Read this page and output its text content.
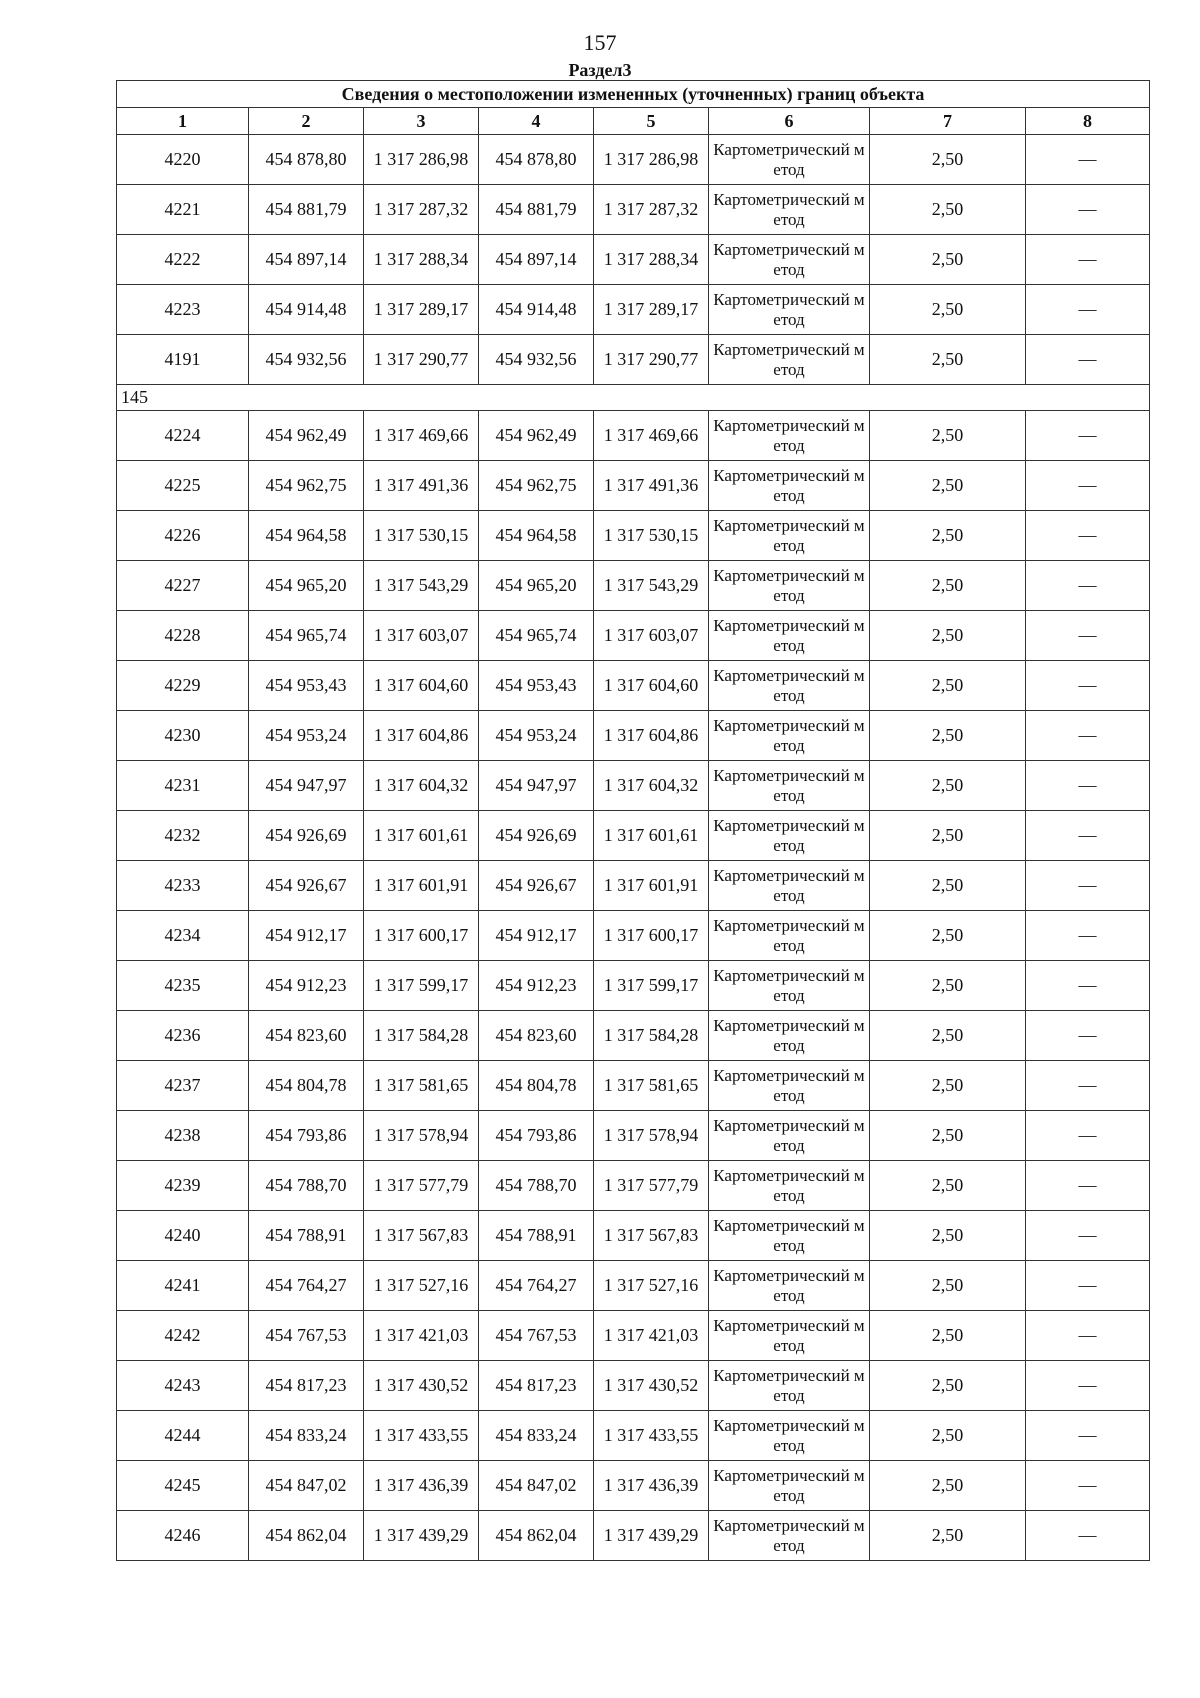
157
Раздел3
Сведения о местоположении измененных (уточненных) границ объекта							
1	2	3	4	5	6	7	8
4220	454 878,80	1 317 286,98	454 878,80	1 317 286,98	Картометрический метод	2,50	—
4221	454 881,79	1 317 287,32	454 881,79	1 317 287,32	Картометрический метод	2,50	—
4222	454 897,14	1 317 288,34	454 897,14	1 317 288,34	Картометрический метод	2,50	—
4223	454 914,48	1 317 289,17	454 914,48	1 317 289,17	Картометрический метод	2,50	—
4191	454 932,56	1 317 290,77	454 932,56	1 317 290,77	Картометрический метод	2,50	—
145							
4224	454 962,49	1 317 469,66	454 962,49	1 317 469,66	Картометрический метод	2,50	—
4225	454 962,75	1 317 491,36	454 962,75	1 317 491,36	Картометрический метод	2,50	—
4226	454 964,58	1 317 530,15	454 964,58	1 317 530,15	Картометрический метод	2,50	—
4227	454 965,20	1 317 543,29	454 965,20	1 317 543,29	Картометрический метод	2,50	—
4228	454 965,74	1 317 603,07	454 965,74	1 317 603,07	Картометрический метод	2,50	—
4229	454 953,43	1 317 604,60	454 953,43	1 317 604,60	Картометрический метод	2,50	—
4230	454 953,24	1 317 604,86	454 953,24	1 317 604,86	Картометрический метод	2,50	—
4231	454 947,97	1 317 604,32	454 947,97	1 317 604,32	Картометрический метод	2,50	—
4232	454 926,69	1 317 601,61	454 926,69	1 317 601,61	Картометрический метод	2,50	—
4233	454 926,67	1 317 601,91	454 926,67	1 317 601,91	Картометрический метод	2,50	—
4234	454 912,17	1 317 600,17	454 912,17	1 317 600,17	Картометрический метод	2,50	—
4235	454 912,23	1 317 599,17	454 912,23	1 317 599,17	Картометрический метод	2,50	—
4236	454 823,60	1 317 584,28	454 823,60	1 317 584,28	Картометрический метод	2,50	—
4237	454 804,78	1 317 581,65	454 804,78	1 317 581,65	Картометрический метод	2,50	—
4238	454 793,86	1 317 578,94	454 793,86	1 317 578,94	Картометрический метод	2,50	—
4239	454 788,70	1 317 577,79	454 788,70	1 317 577,79	Картометрический метод	2,50	—
4240	454 788,91	1 317 567,83	454 788,91	1 317 567,83	Картометрический метод	2,50	—
4241	454 764,27	1 317 527,16	454 764,27	1 317 527,16	Картометрический метод	2,50	—
4242	454 767,53	1 317 421,03	454 767,53	1 317 421,03	Картометрический метод	2,50	—
4243	454 817,23	1 317 430,52	454 817,23	1 317 430,52	Картометрический метод	2,50	—
4244	454 833,24	1 317 433,55	454 833,24	1 317 433,55	Картометрический метод	2,50	—
4245	454 847,02	1 317 436,39	454 847,02	1 317 436,39	Картометрический метод	2,50	—
4246	454 862,04	1 317 439,29	454 862,04	1 317 439,29	Картометрический метод	2,50	—
